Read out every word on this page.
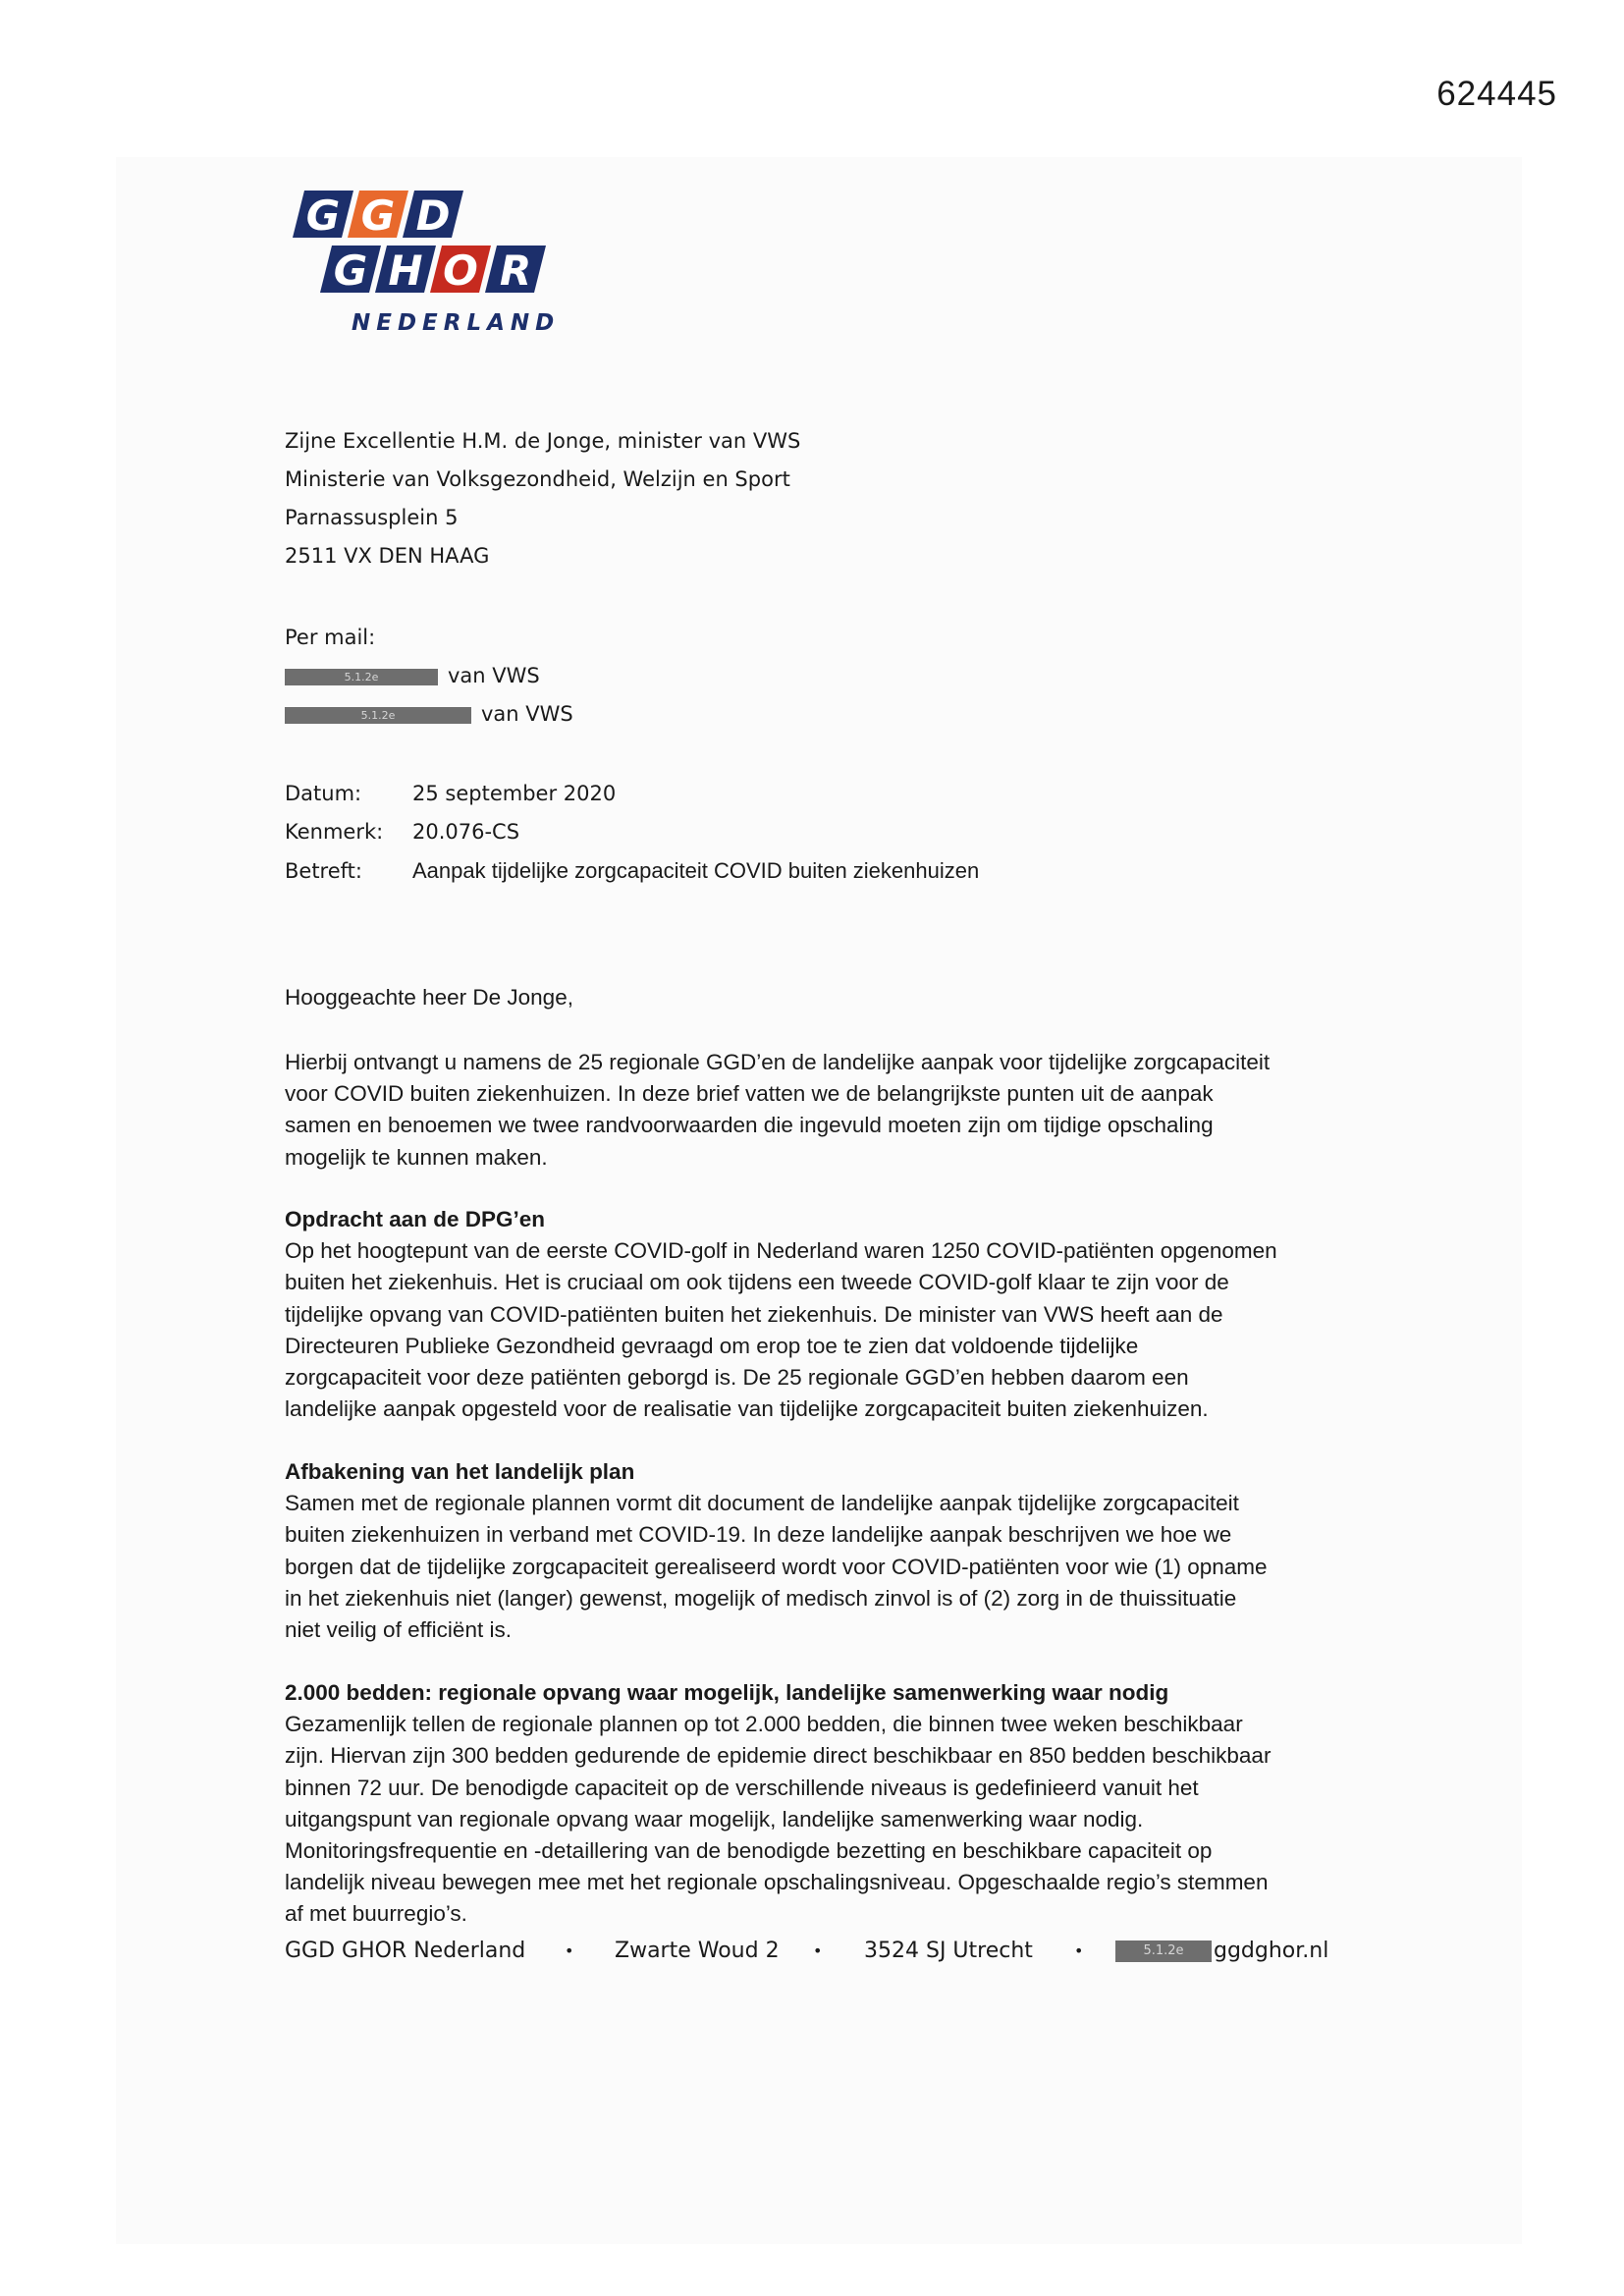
624445
G G D
G H O R
NEDERLAND
Zijne Excellentie H.M. de Jonge, minister van VWS
Ministerie van Volksgezondheid, Welzijn en Sport
Parnassusplein 5
2511 VX DEN HAAG
Per mail:
5.1.2e	van VWS
5.1.2e	van VWS
Datum: 25 september 2020
Kenmerk: 20.076-CS
Betreft: Aanpak tijdelijke zorgcapaciteit COVID buiten ziekenhuizen
Hooggeachte heer De Jonge,

Hierbij ontvangt u namens de 25 regionale GGD’en de landelijke aanpak voor tijdelijke zorgcapaciteit

voor COVID buiten ziekenhuizen. In deze brief vatten we de belangrijkste punten uit de aanpak

samen en benoemen we twee randvoorwaarden die ingevuld moeten zijn om tijdige opschaling

mogelijk te kunnen maken.

Opdracht aan de DPG’en

Op het hoogtepunt van de eerste COVID-golf in Nederland waren 1250 COVID-patiënten opgenomen

buiten het ziekenhuis. Het is cruciaal om ook tijdens een tweede COVID-golf klaar te zijn voor de

tijdelijke opvang van COVID-patiënten buiten het ziekenhuis. De minister van VWS heeft aan de

Directeuren Publieke Gezondheid gevraagd om erop toe te zien dat voldoende tijdelijke

zorgcapaciteit voor deze patiënten geborgd is. De 25 regionale GGD’en hebben daarom een

landelijke aanpak opgesteld voor de realisatie van tijdelijke zorgcapaciteit buiten ziekenhuizen.

Afbakening van het landelijk plan

Samen met de regionale plannen vormt dit document de landelijke aanpak tijdelijke zorgcapaciteit

buiten ziekenhuizen in verband met COVID-19. In deze landelijke aanpak beschrijven we hoe we

borgen dat de tijdelijke zorgcapaciteit gerealiseerd wordt voor COVID-patiënten voor wie (1) opname

in het ziekenhuis niet (langer) gewenst, mogelijk of medisch zinvol is of (2) zorg in de thuissituatie

niet veilig of efficiënt is.

2.000 bedden: regionale opvang waar mogelijk, landelijke samenwerking waar nodig

Gezamenlijk tellen de regionale plannen op tot 2.000 bedden, die binnen twee weken beschikbaar

zijn. Hiervan zijn 300 bedden gedurende de epidemie direct beschikbaar en 850 bedden beschikbaar

binnen 72 uur. De benodigde capaciteit op de verschillende niveaus is gedefinieerd vanuit het

uitgangspunt van regionale opvang waar mogelijk, landelijke samenwerking waar nodig.

Monitoringsfrequentie en -detaillering van de benodigde bezetting en beschikbare capaciteit op

landelijk niveau bewegen mee met het regionale opschalingsniveau. Opgeschaalde regio’s stemmen

af met buurregio’s.

GGD GHOR Nederland • Zwarte Woud 2 • 3524 SJ Utrecht	•	5.1.2e ggdghor.nl
